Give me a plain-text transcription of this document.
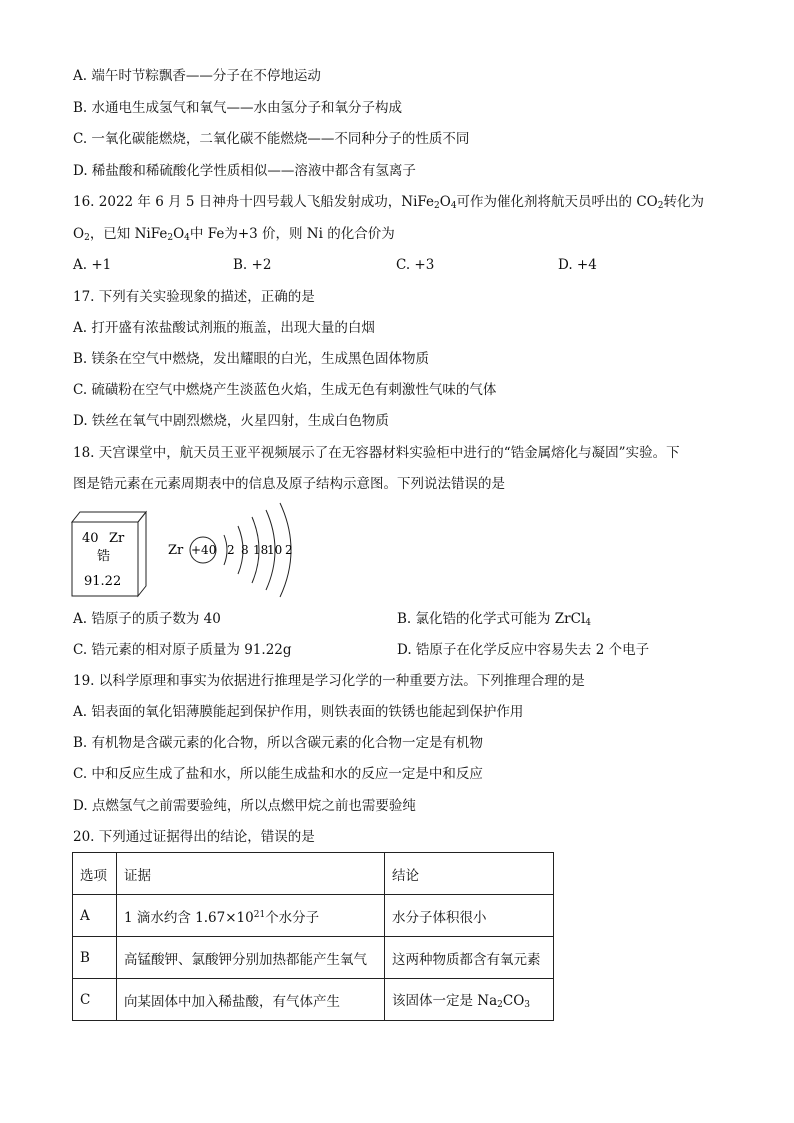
A. 端午时节粽飘香——分子在不停地运动
B. 水通电生成氢气和氧气——水由氢分子和氧分子构成
C. 一氧化碳能燃烧，二氧化碳不能燃烧——不同种分子的性质不同
D. 稀盐酸和稀硫酸化学性质相似——溶液中都含有氢离子
16. 2022 年 6 月 5 日神舟十四号载人飞船发射成功，$NiFe_2O_4$可作为催化剂将航天员呼出的 $CO_2$转化为
$O_2$，已知 $NiFe_2O_4$中 Fe为+3 价，则 Ni 的化合价为
A. +1	B. +2	C. +3	D. +4
17. 下列有关实验现象的描述，正确的是
A. 打开盛有浓盐酸试剂瓶的瓶盖，出现大量的白烟
B. 镁条在空气中燃烧，发出耀眼的白光，生成黑色固体物质
C. 硫磺粉在空气中燃烧产生淡蓝色火焰，生成无色有刺激性气味的气体
D. 铁丝在氧气中剧烈燃烧，火星四射，生成白色物质
18. 天宫课堂中，航天员王亚平视频展示了在无容器材料实验柜中进行的“锆金属熔化与凝固”实验。下
图是锆元素在元素周期表中的信息及原子结构示意图。下列说法错误的是
40 Zr
锆
91.22
Zr +40 2 8 18
10 2
A. 锆原子的质子数为 40	B. 氯化锆的化学式可能为 ZrCl$_4$
C. 锆元素的相对原子质量为 91.22g	D. 锆原子在化学反应中容易失去 2 个电子
19. 以科学原理和事实为依据进行推理是学习化学的一种重要方法。下列推理合理的是
A. 铝表面的氧化铝薄膜能起到保护作用，则铁表面的铁锈也能起到保护作用
B. 有机物是含碳元素的化合物，所以含碳元素的化合物一定是有机物
C. 中和反应生成了盐和水，所以能生成盐和水的反应一定是中和反应
D. 点燃氢气之前需要验纯，所以点燃甲烷之前也需要验纯
20. 下列通过证据得出的结论，错误的是
选项	证据	结论
A	1 滴水约含 $1.67\times 10^{21}$个水分子	水分子体积很小
B	高锰酸钾、氯酸钾分别加热都能产生氧气	这两种物质都含有氧元素
C	向某固体中加入稀盐酸，有气体产生	该固体一定是 $Na_2CO_3$
